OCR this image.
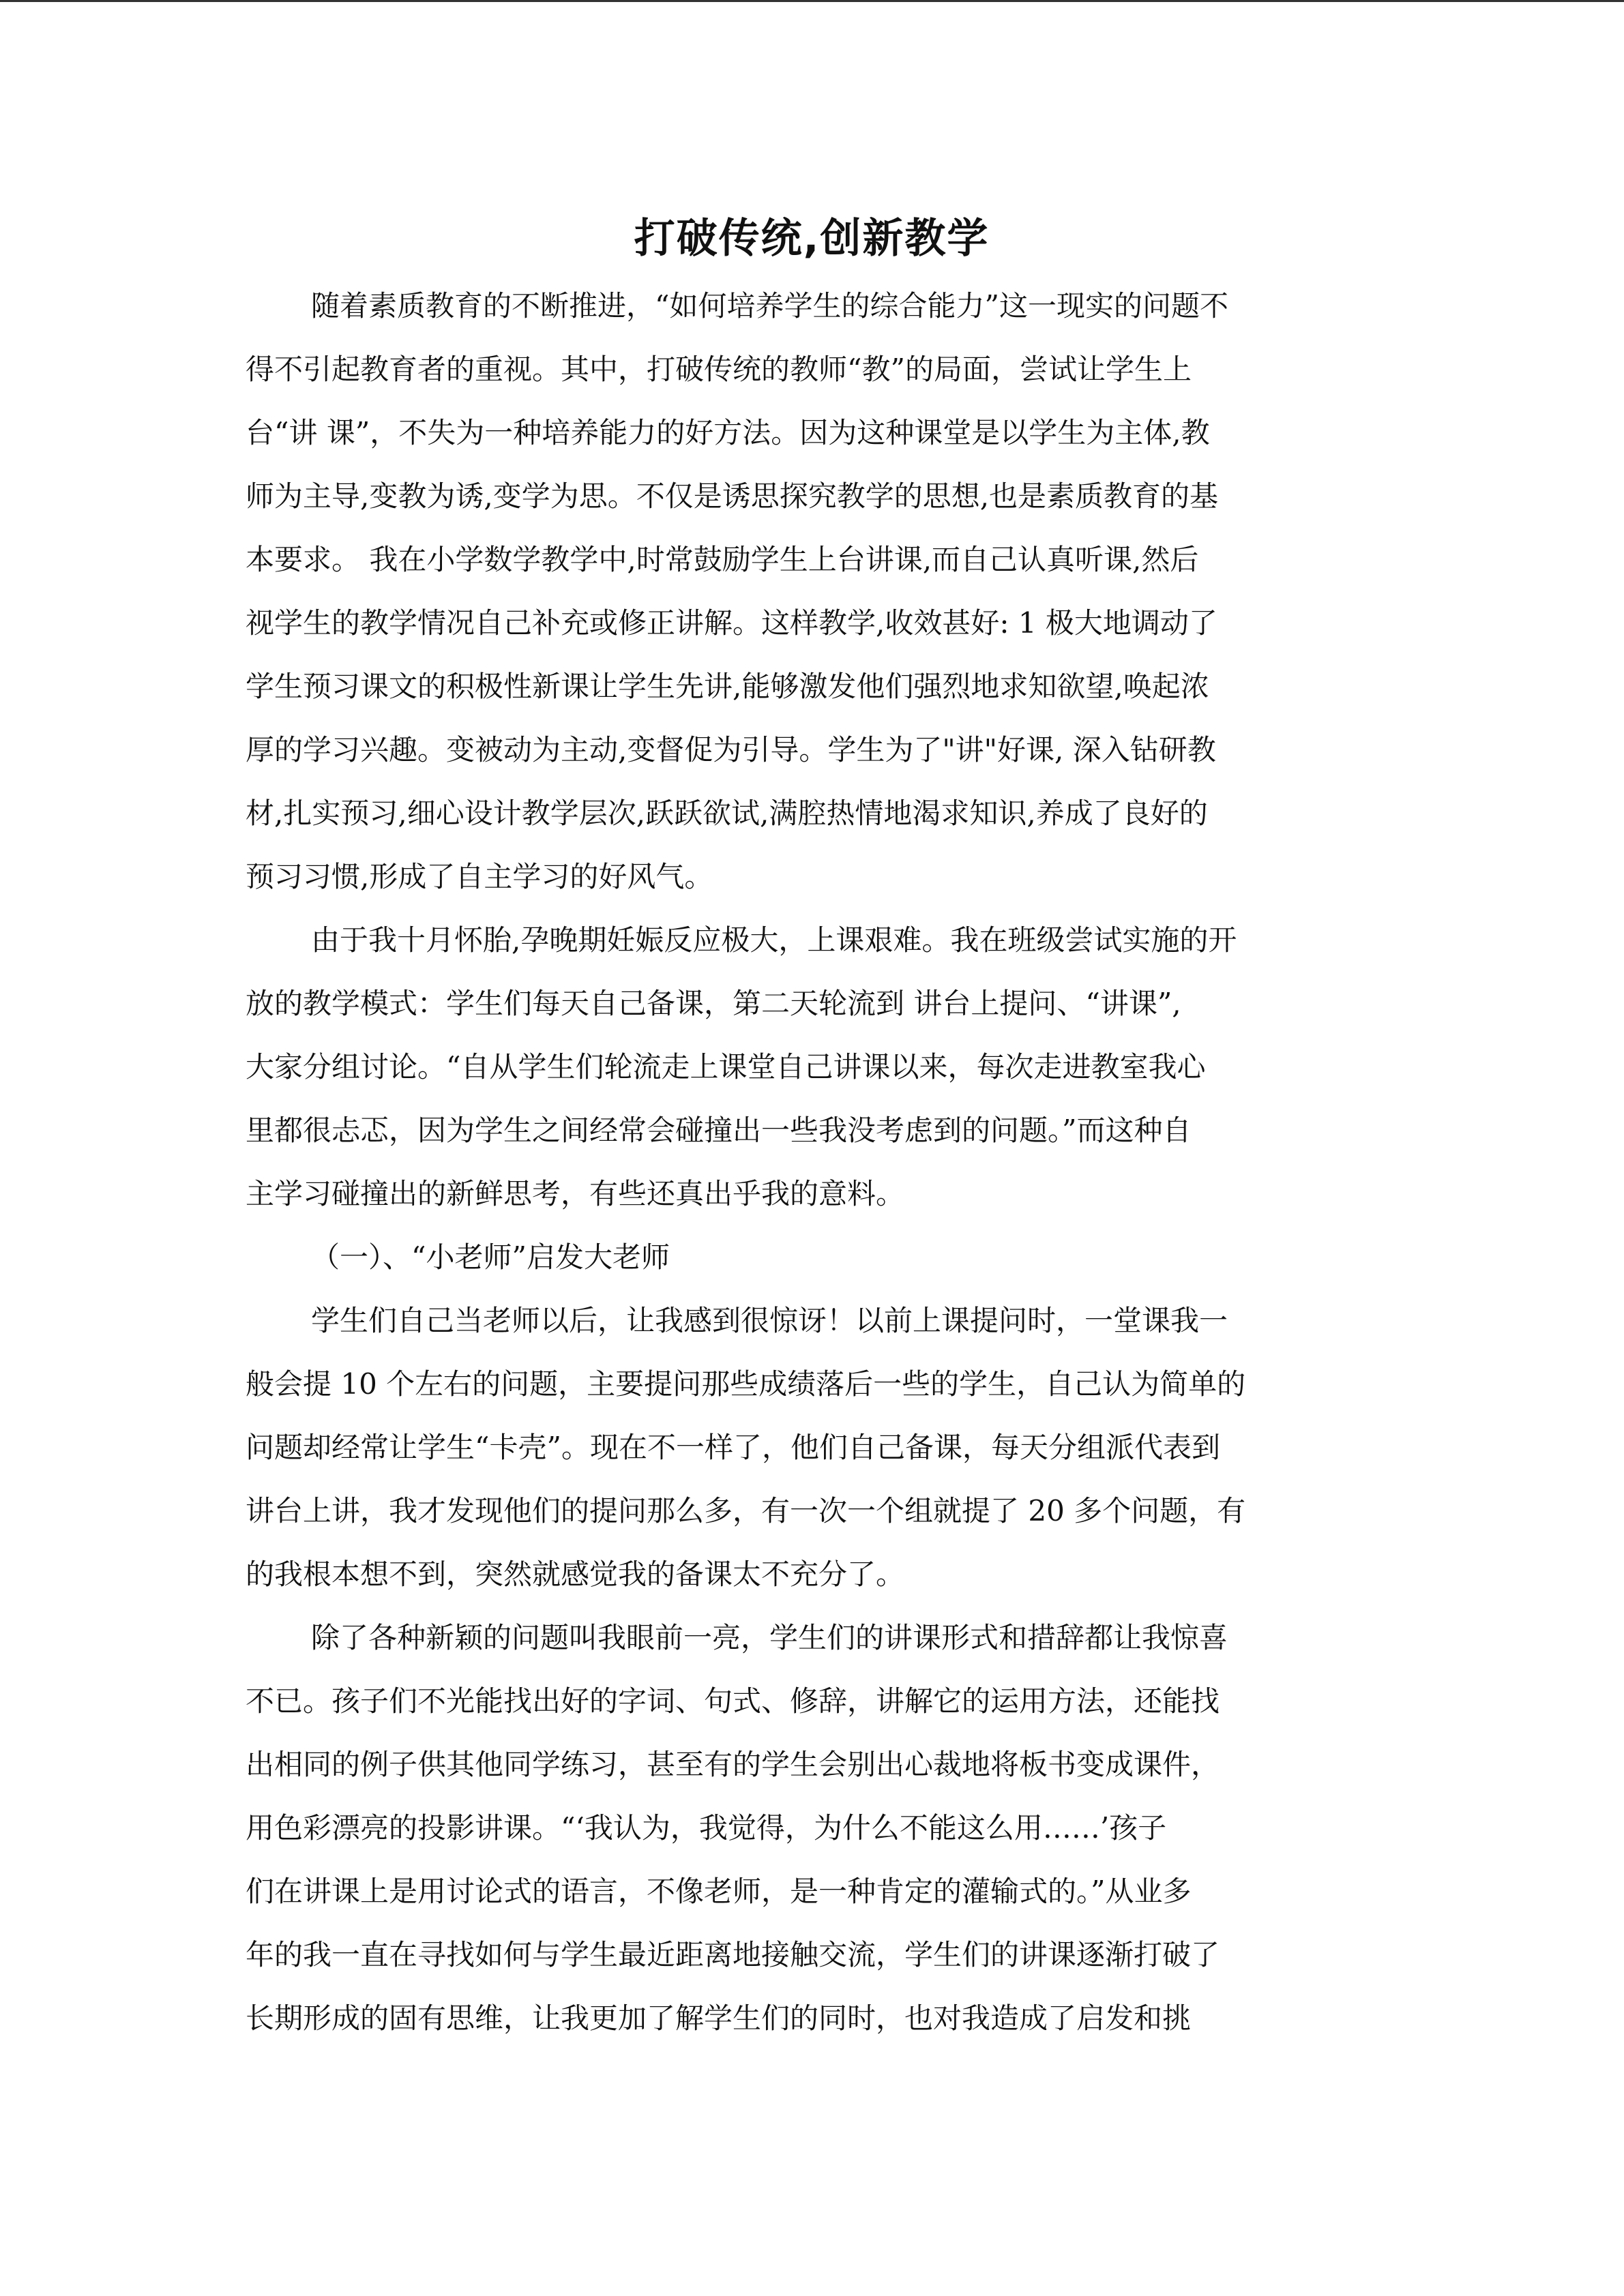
打破传统,创新教学
随着素质教育的不断推进，“如何培养学生的综合能力”这一现实的问题不
得不引起教育者的重视。其中，打破传统的教师“教”的局面，尝试让学生上
台“讲 课”，不失为一种培养能力的好方法。因为这种课堂是以学生为主体,教
师为主导,变教为诱,变学为思。不仅是诱思探究教学的思想,也是素质教育的基
本要求。 我在小学数学教学中,时常鼓励学生上台讲课,而自己认真听课,然后
视学生的教学情况自己补充或修正讲解。这样教学,收效甚好: 1 极大地调动了
学生预习课文的积极性新课让学生先讲,能够激发他们强烈地求知欲望,唤起浓
厚的学习兴趣。变被动为主动,变督促为引导。学生为了"讲"好课, 深入钻研教
材,扎实预习,细心设计教学层次,跃跃欲试,满腔热情地渴求知识,养成了良好的
预习习惯,形成了自主学习的好风气。
由于我十月怀胎,孕晚期妊娠反应极大，上课艰难。我在班级尝试实施的开
放的教学模式：学生们每天自己备课，第二天轮流到 讲台上提问、“讲课”,
大家分组讨论。“自从学生们轮流走上课堂自己讲课以来，每次走进教室我心
里都很忐忑，因为学生之间经常会碰撞出一些我没考虑到的问题。”而这种自
主学习碰撞出的新鲜思考，有些还真出乎我的意料。
（一）、“小老师”启发大老师
学生们自己当老师以后，让我感到很惊讶！以前上课提问时，一堂课我一
般会提 10 个左右的问题，主要提问那些成绩落后一些的学生，自己认为简单的
问题却经常让学生“卡壳”。现在不一样了，他们自己备课，每天分组派代表到
讲台上讲，我才发现他们的提问那么多，有一次一个组就提了 20 多个问题，有
的我根本想不到，突然就感觉我的备课太不充分了。
除了各种新颖的问题叫我眼前一亮，学生们的讲课形式和措辞都让我惊喜
不已。孩子们不光能找出好的字词、句式、修辞，讲解它的运用方法，还能找
出相同的例子供其他同学练习，甚至有的学生会别出心裁地将板书变成课件，
用色彩漂亮的投影讲课。“‘我认为，我觉得，为什么不能这么用……’孩子
们在讲课上是用讨论式的语言，不像老师，是一种肯定的灌输式的。”从业多
年的我一直在寻找如何与学生最近距离地接触交流，学生们的讲课逐渐打破了
长期形成的固有思维，让我更加了解学生们的同时，也对我造成了启发和挑
